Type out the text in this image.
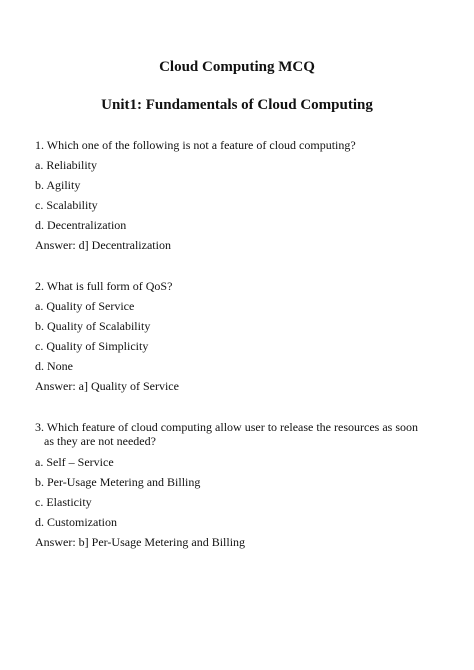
Cloud Computing MCQ
Unit1: Fundamentals of Cloud Computing
1. Which one of the following is not a feature of cloud computing?
a. Reliability
b. Agility
c. Scalability
d. Decentralization
Answer: d] Decentralization
2. What is full form of QoS?
a. Quality of Service
b. Quality of Scalability
c. Quality of Simplicity
d. None
Answer: a] Quality of Service
3. Which feature of cloud computing allow user to release the resources as soon
as they are not needed?
a. Self – Service
b. Per-Usage Metering and Billing
c. Elasticity
d. Customization
Answer: b] Per-Usage Metering and Billing
